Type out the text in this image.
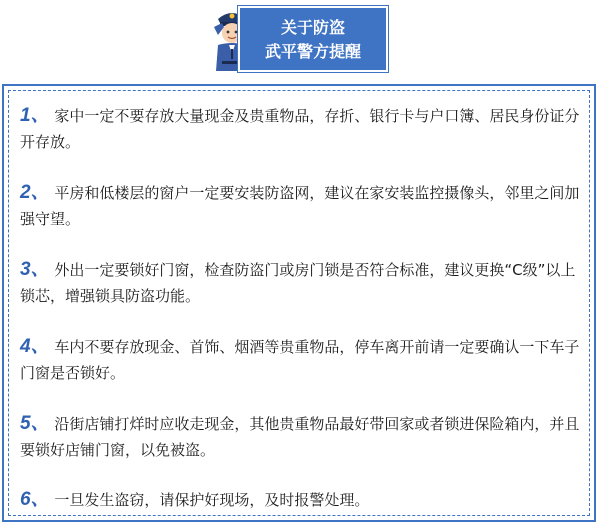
关于防盗
武平警方提醒
1、 家中一定不要存放大量现金及贵重物品，存折、银行卡与户口簿、居民身份证分开存放。
2、 平房和低楼层的窗户一定要安装防盗网，建议在家安装监控摄像头，邻里之间加强守望。
3、 外出一定要锁好门窗，检查防盗门或房门锁是否符合标准，建议更换“C级”以上锁芯，增强锁具防盗功能。
4、 车内不要存放现金、首饰、烟酒等贵重物品，停车离开前请一定要确认一下车子门窗是否锁好。
5、 沿街店铺打烊时应收走现金，其他贵重物品最好带回家或者锁进保险箱内，并且要锁好店铺门窗，以免被盗。
6、 一旦发生盗窃，请保护好现场，及时报警处理。
